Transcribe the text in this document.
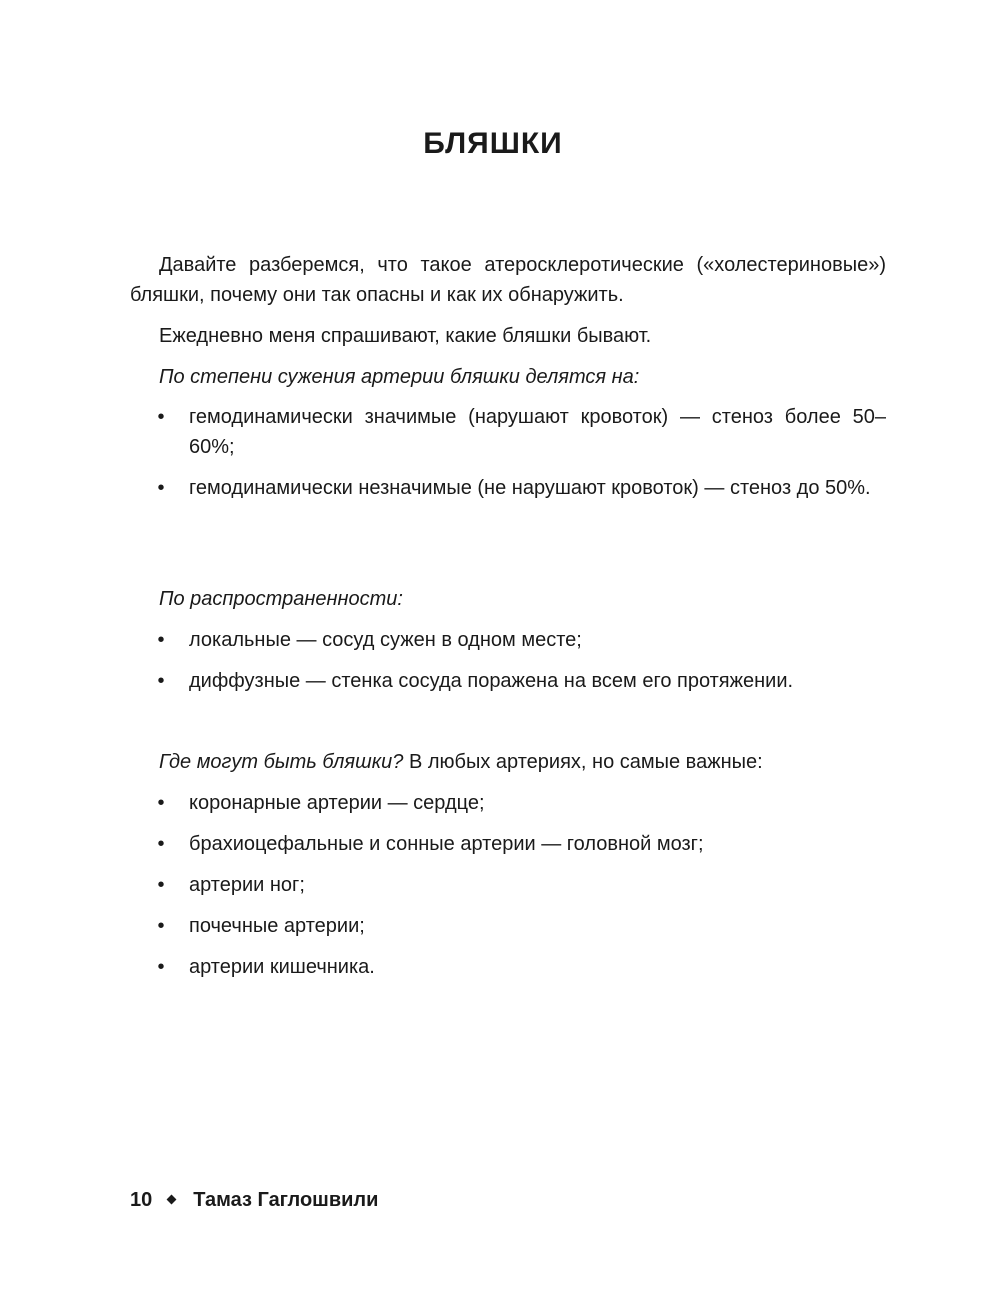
БЛЯШКИ

Давайте разберемся, что такое атеросклеротические («холестериновые») бляшки, почему они так опасны и как их обнаружить.

Ежедневно меня спрашивают, какие бляшки бывают.

По степени сужения артерии бляшки делятся на:

• гемодинамически значимые (нарушают кровоток) — стеноз более 50–60%;
• гемодинамически незначимые (не нарушают кровоток) — стеноз до 50%.

По распространенности:

• локальные — сосуд сужен в одном месте;
• диффузные — стенка сосуда поражена на всем его протяжении.

Где могут быть бляшки? В любых артериях, но самые важные:

• коронарные артерии — сердце;
• брахиоцефальные и сонные артерии — головной мозг;
• артерии ног;
• почечные артерии;
• артерии кишечника.
10 Тамаз Гаглошвили
